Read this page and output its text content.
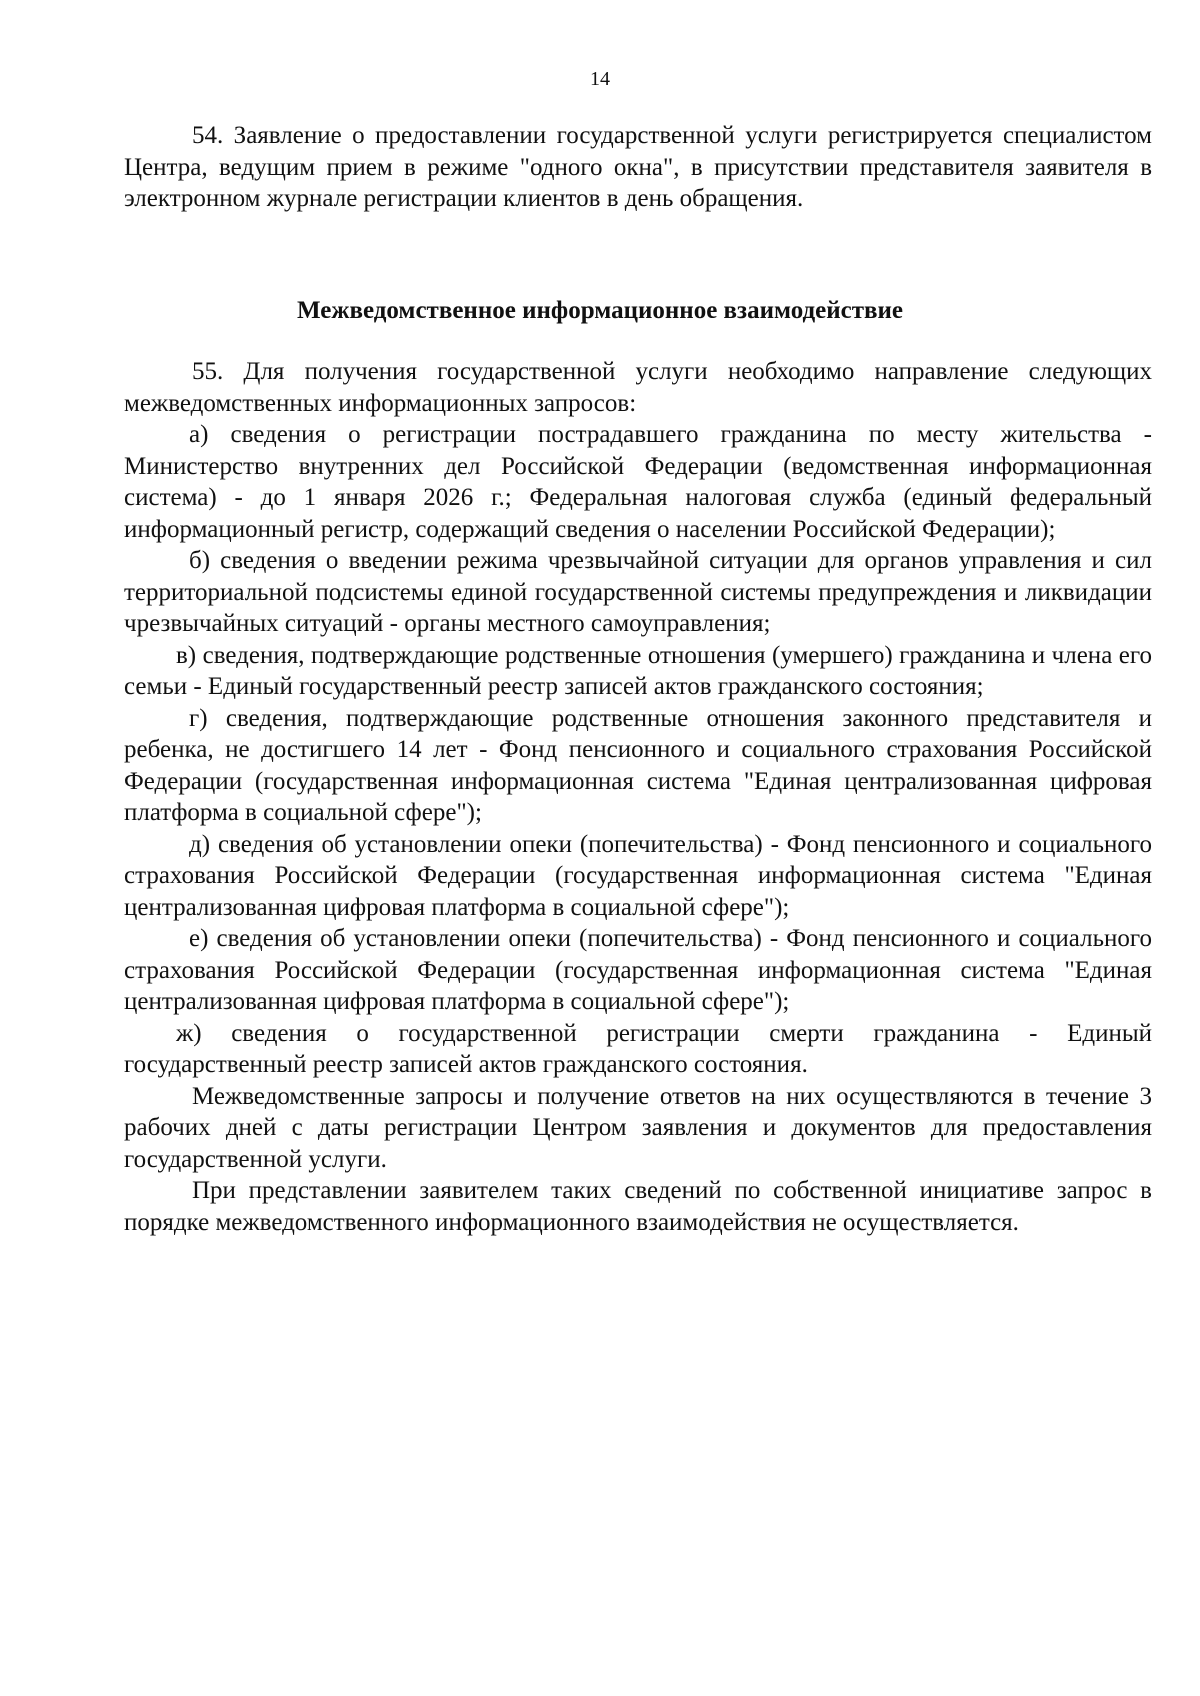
14

54. Заявление о предоставлении государственной услуги регистрируется специалистом Центра, ведущим прием в режиме "одного окна", в присутствии представителя заявителя в электронном журнале регистрации клиентов в день обращения.

Межведомственное информационное взаимодействие

55. Для получения государственной услуги необходимо направление следующих межведомственных информационных запросов:

а) сведения о регистрации пострадавшего гражданина по месту жительства - Министерство внутренних дел Российской Федерации (ведомственная информационная система) - до 1 января 2026 г.; Федеральная налоговая служба (единый федеральный информационный регистр, содержащий сведения о населении Российской Федерации);

б) сведения о введении режима чрезвычайной ситуации для органов управления и сил территориальной подсистемы единой государственной системы предупреждения и ликвидации чрезвычайных ситуаций - органы местного самоуправления;

в) сведения, подтверждающие родственные отношения (умершего) гражданина и члена его семьи - Единый государственный реестр записей актов гражданского состояния;

г) сведения, подтверждающие родственные отношения законного представителя и ребенка, не достигшего 14 лет - Фонд пенсионного и социального страхования Российской Федерации (государственная информационная система "Единая централизованная цифровая платформа в социальной сфере");

д) сведения об установлении опеки (попечительства) - Фонд пенсионного и социального страхования Российской Федерации (государственная информационная система "Единая централизованная цифровая платформа в социальной сфере");

е) сведения об установлении опеки (попечительства) - Фонд пенсионного и социального страхования Российской Федерации (государственная информационная система "Единая централизованная цифровая платформа в социальной сфере");

ж) сведения о государственной регистрации смерти гражданина - Единый государственный реестр записей актов гражданского состояния.

Межведомственные запросы и получение ответов на них осуществляются в течение 3 рабочих дней с даты регистрации Центром заявления и документов для предоставления государственной услуги.

При представлении заявителем таких сведений по собственной инициативе запрос в порядке межведомственного информационного взаимодействия не осуществляется.
